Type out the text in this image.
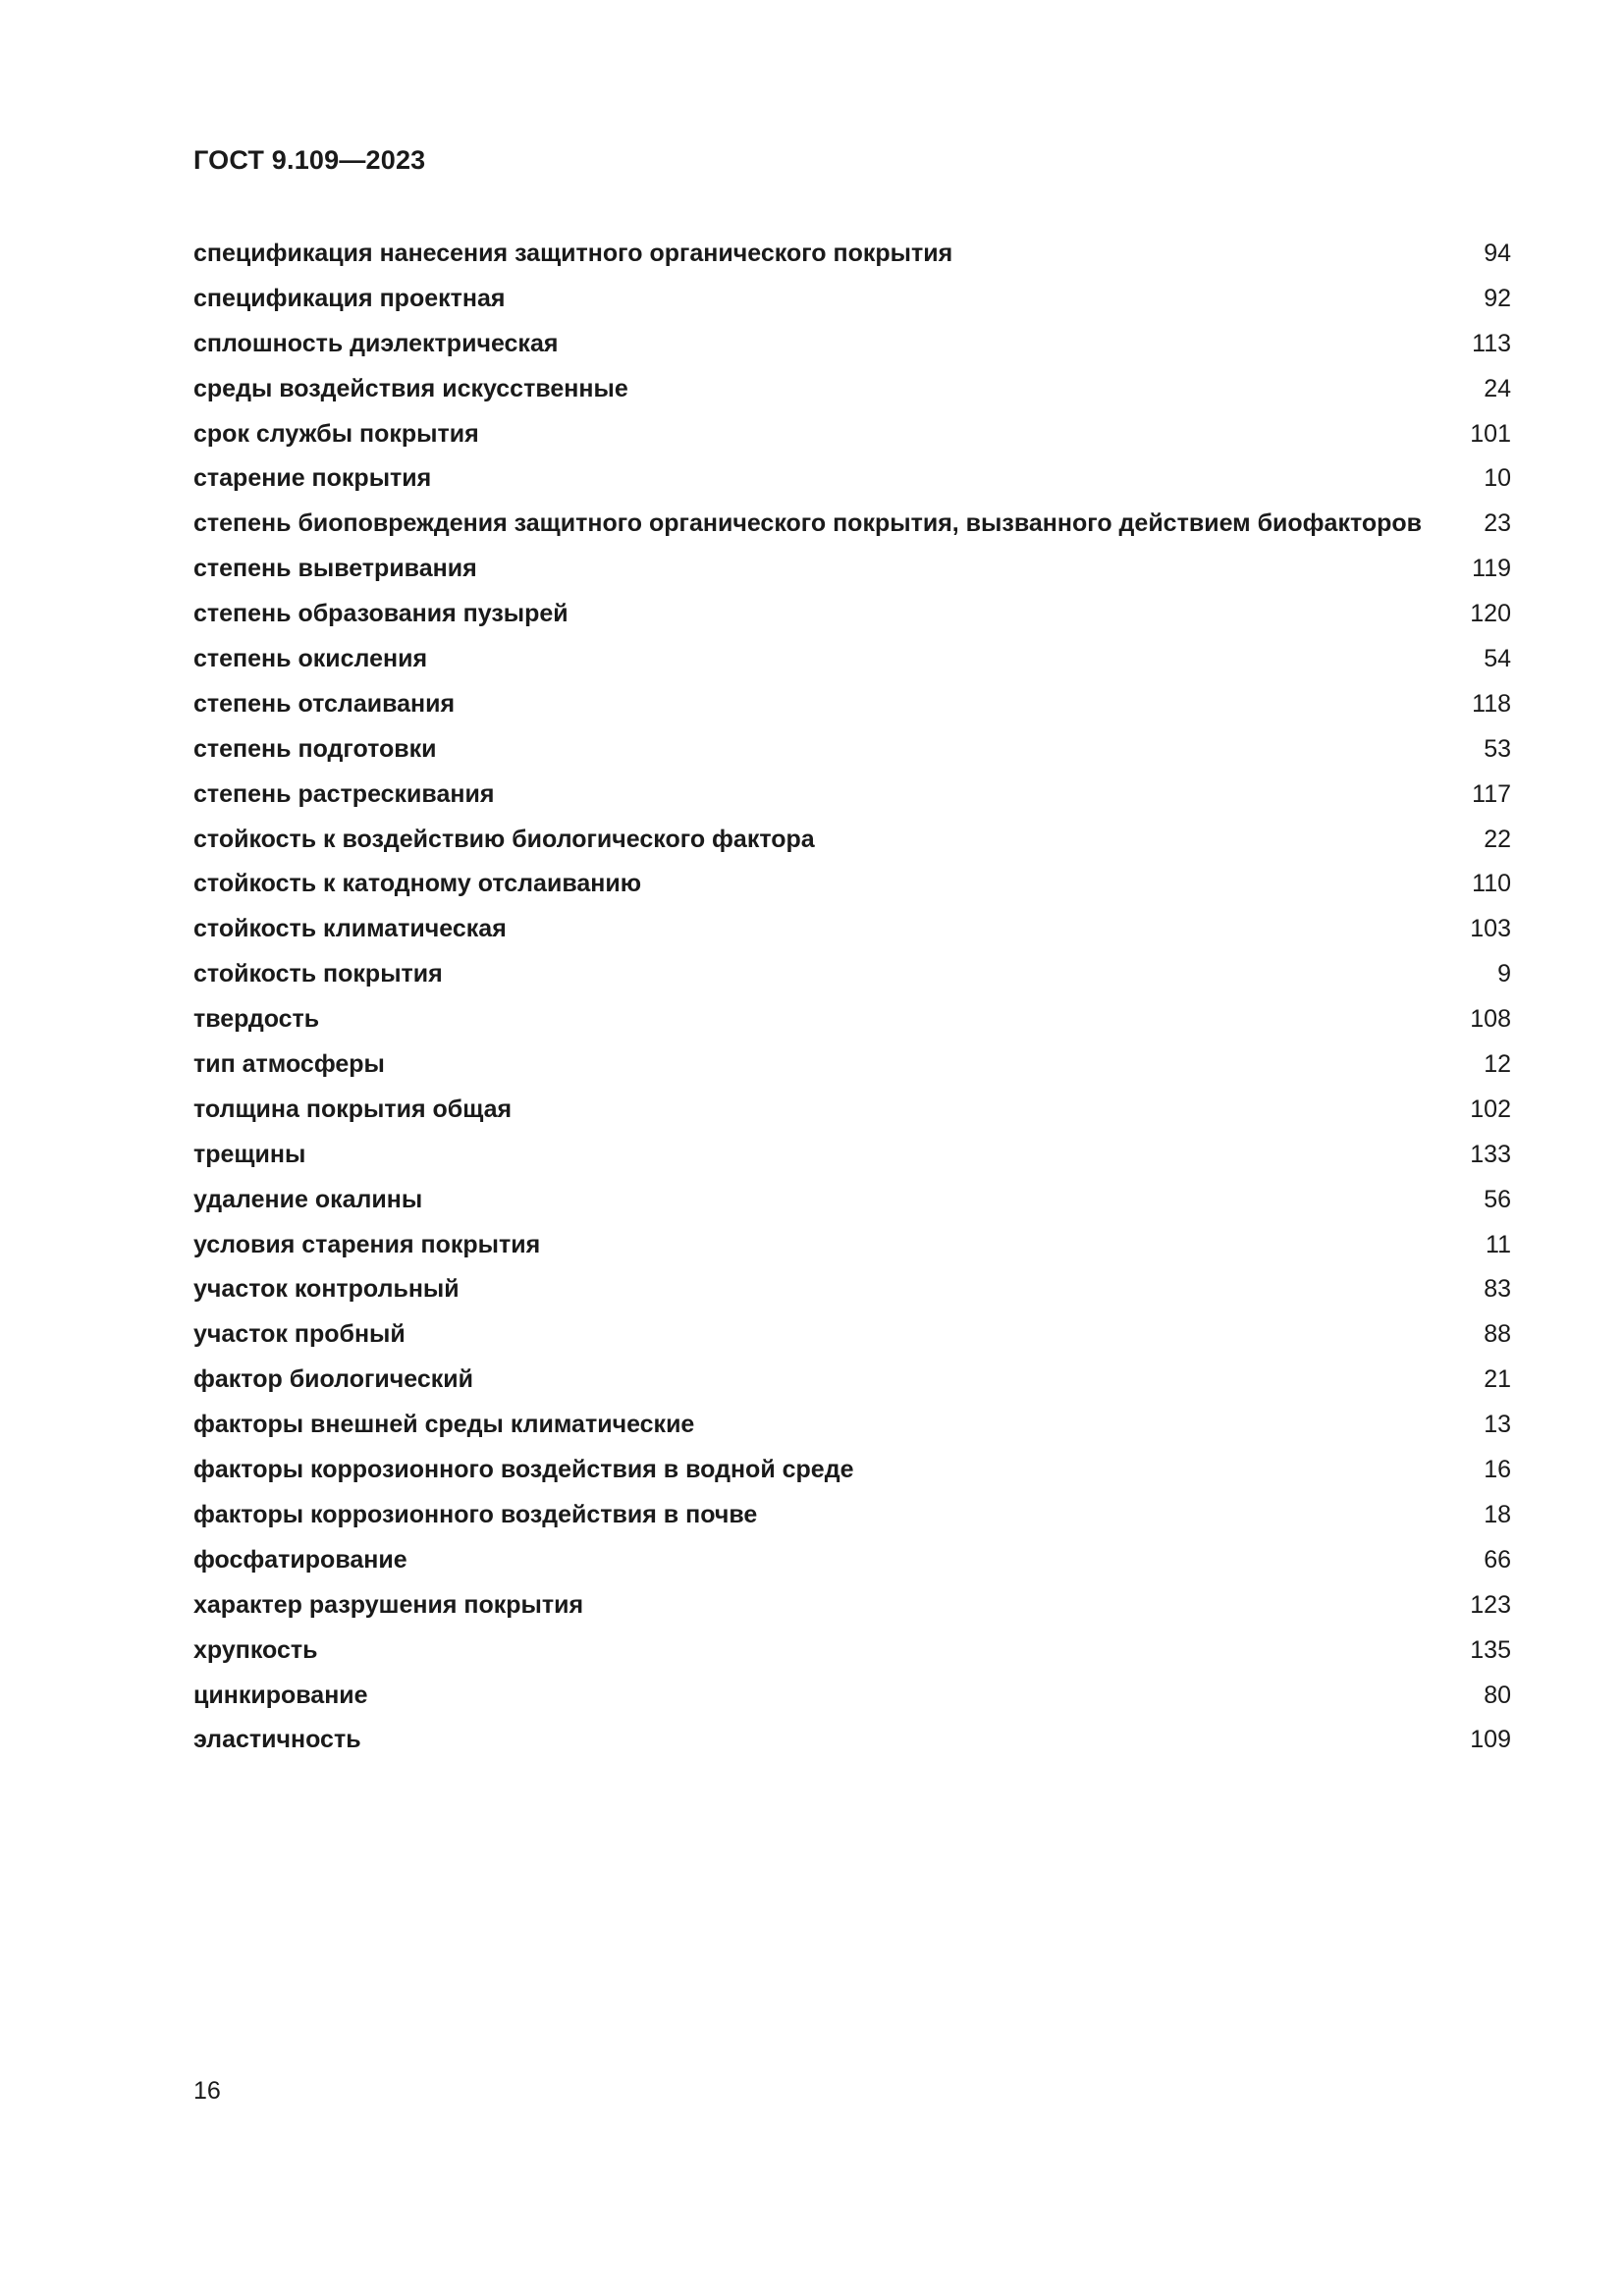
ГОСТ 9.109—2023
спецификация нанесения защитного органического покрытия	94
спецификация проектная	92
сплошность диэлектрическая	113
среды воздействия искусственные	24
срок службы покрытия	101
старение покрытия	10
степень биоповреждения защитного органического покрытия, вызванного действием биофакторов	23
степень выветривания	119
степень образования пузырей	120
степень окисления	54
степень отслаивания	118
степень подготовки	53
степень растрескивания	117
стойкость к воздействию биологического фактора	22
стойкость к катодному отслаиванию	110
стойкость климатическая	103
стойкость покрытия	9
твердость	108
тип атмосферы	12
толщина покрытия общая	102
трещины	133
удаление окалины	56
условия старения покрытия	11
участок контрольный	83
участок пробный	88
фактор биологический	21
факторы внешней среды климатические	13
факторы коррозионного воздействия в водной среде	16
факторы коррозионного воздействия в почве	18
фосфатирование	66
характер разрушения покрытия	123
хрупкость	135
цинкирование	80
эластичность	109
16
